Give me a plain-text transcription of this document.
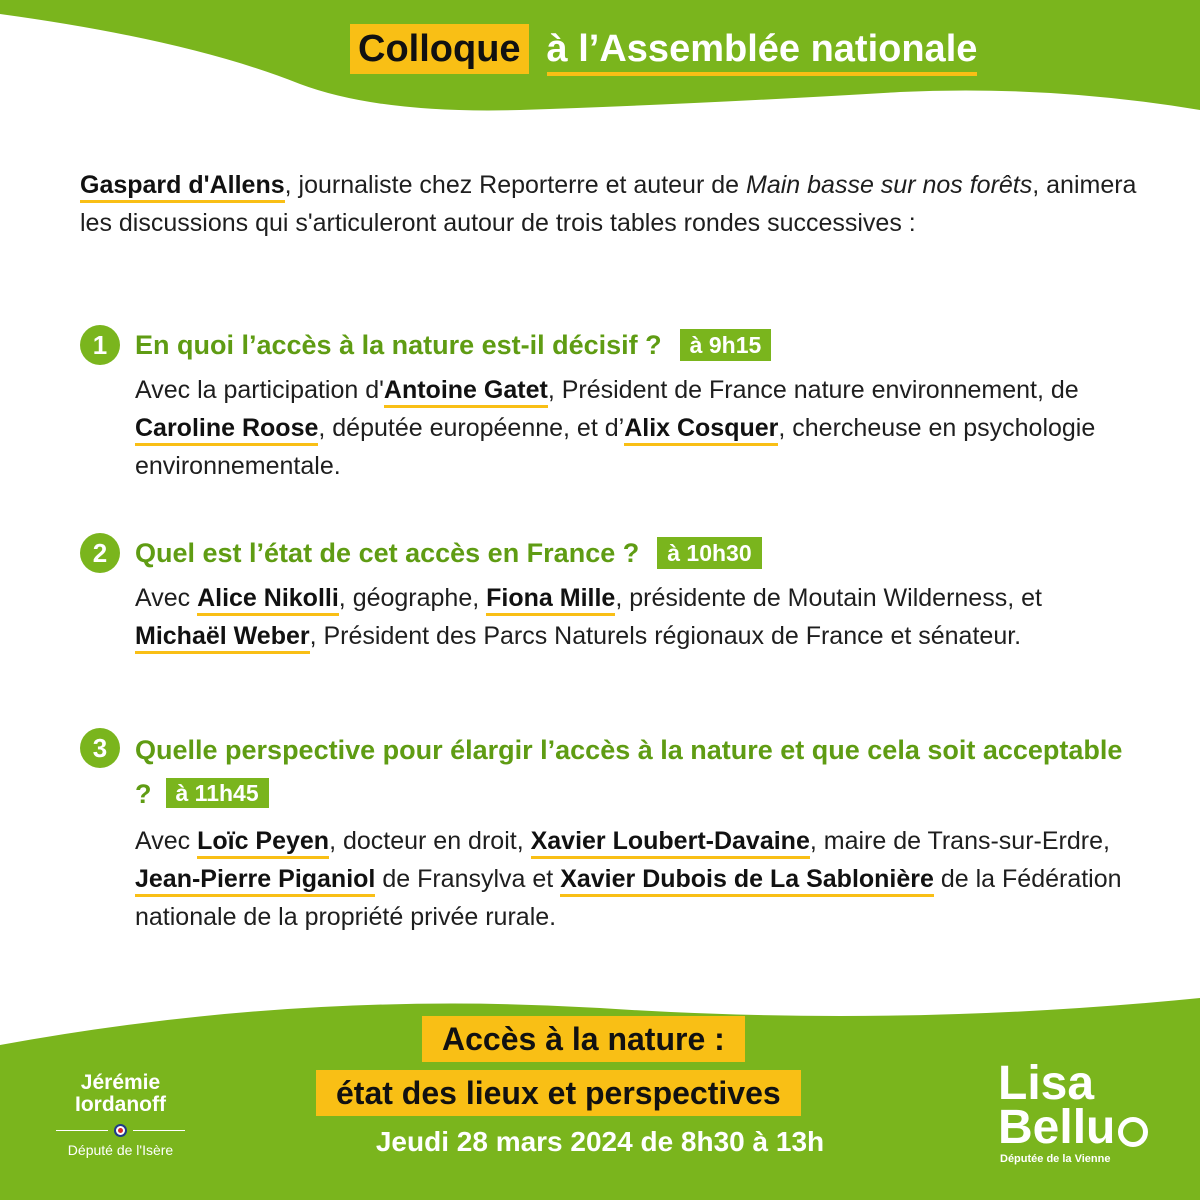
Colloque à l’Assemblée nationale

Gaspard d'Allens, journaliste chez Reporterre et auteur de Main basse sur nos forêts, animera les discussions qui s'articuleront autour de trois tables rondes successives :

1	En quoi l’accès à la nature est-il décisif ?	à 9h15

Avec la participation d'Antoine Gatet, Président de France nature environnement, de Caroline Roose, députée européenne, et d’Alix Cosquer, chercheuse en psychologie environnementale.

2	Quel est l’état de cet accès en France ?	à 10h30

Avec Alice Nikolli, géographe, Fiona Mille, présidente de Moutain Wilderness, et Michaël Weber, Président des Parcs Naturels régionaux de France et sénateur.

3	Quelle perspective pour élargir l’accès à la nature et que cela soit acceptable ? à 11h45

Avec Loïc Peyen, docteur en droit, Xavier Loubert-Davaine, maire de Trans-sur-Erdre, Jean-Pierre Piganiol de Fransylva et Xavier Dubois de La Sablonière de la Fédération nationale de la propriété privée rurale.

Accès à la nature :
état des lieux et perspectives
Jeudi 28 mars 2024 de 8h30 à 13h
Jérémie
Iordanoff
Député de l'Isère
Lisa
Bellu
Députée de la Vienne
